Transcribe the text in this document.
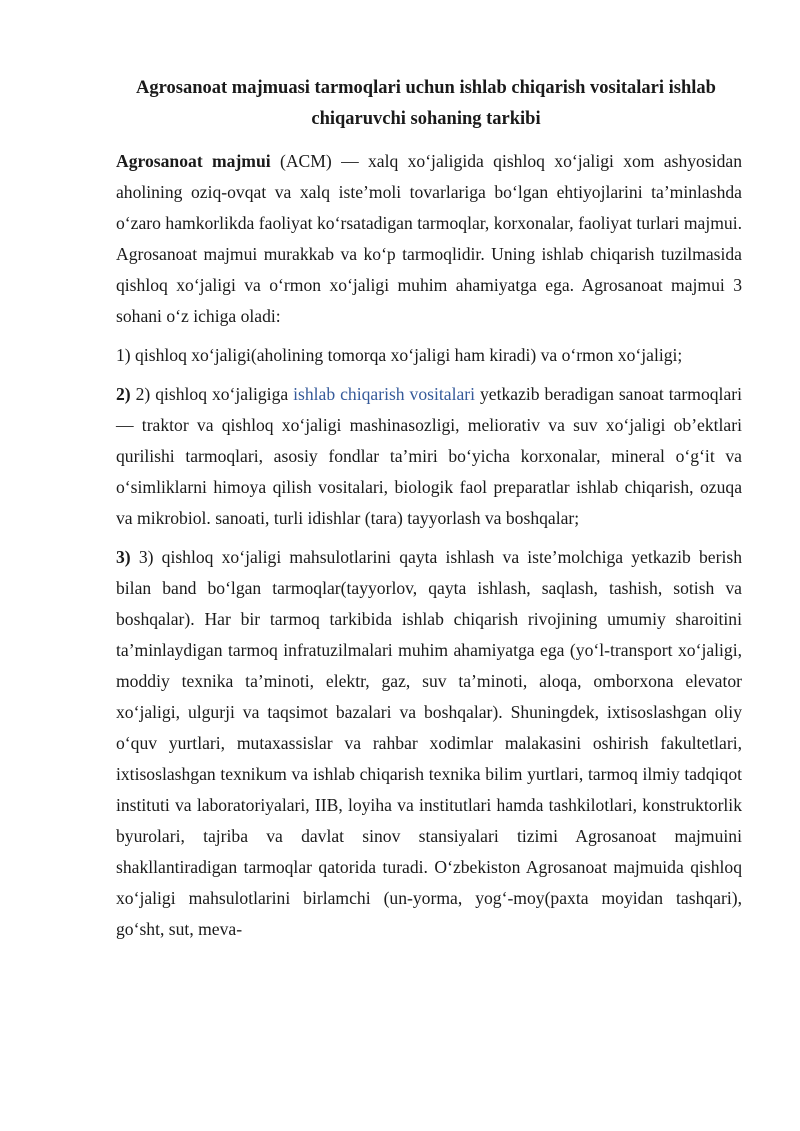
Agrosanoat majmuasi tarmoqlari uchun ishlab chiqarish vositalari ishlab chiqaruvchi sohaning tarkibi

Agrosanoat majmui (ACM) — xalq xo‘jaligida qishloq xo‘jaligi xom ashyosidan aholining oziq-ovqat va xalq iste’moli tovarlariga bo‘lgan ehtiyojlarini ta’minlashda o‘zaro hamkorlikda faoliyat ko‘rsatadigan tarmoqlar, korxonalar, faoliyat turlari majmui. Agrosanoat majmui murakkab va ko‘p tarmoqlidir. Uning ishlab chiqarish tuzilmasida qishloq xo‘jaligi va o‘rmon xo‘jaligi muhim ahamiyatga ega. Agrosanoat majmui 3 sohani o‘z ichiga oladi:

1) qishloq xo‘jaligi(aholining tomorqa xo‘jaligi ham kiradi) va o‘rmon xo‘jaligi;

2) 2) qishloq xo‘jaligiga ishlab chiqarish vositalari yetkazib beradigan sanoat tarmoqlari — traktor va qishloq xo‘jaligi mashinasozligi, meliorativ va suv xo‘jaligi ob’ektlari qurilishi tarmoqlari, asosiy fondlar ta’miri bo‘yicha korxonalar, mineral o‘g‘it va o‘simliklarni himoya qilish vositalari, biologik faol preparatlar ishlab chiqarish, ozuqa va mikrobiol. sanoati, turli idishlar (tara) tayyorlash va boshqalar;

3) 3) qishloq xo‘jaligi mahsulotlarini qayta ishlash va iste’molchiga yetkazib berish bilan band bo‘lgan tarmoqlar(tayyorlov, qayta ishlash, saqlash, tashish, sotish va boshqalar). Har bir tarmoq tarkibida ishlab chiqarish rivojining umumiy sharoitini ta’minlaydigan tarmoq infratuzilmalari muhim ahamiyatga ega (yo‘l-transport xo‘jaligi, moddiy texnika ta’minoti, elektr, gaz, suv ta’minoti, aloqa, omborxona elevator xo‘jaligi, ulgurji va taqsimot bazalari va boshqalar). Shuningdek, ixtisoslashgan oliy o‘quv yurtlari, mutaxassislar va rahbar xodimlar malakasini oshirish fakultetlari, ixtisoslashgan texnikum va ishlab chiqarish texnika bilim yurtlari, tarmoq ilmiy tadqiqot instituti va laboratoriyalari, IIB, loyiha va institutlari hamda tashkilotlari, konstruktorlik byurolari, tajriba va davlat sinov stansiyalari tizimi Agrosanoat majmuini shakllantiradigan tarmoqlar qatorida turadi. O‘zbekiston Agrosanoat majmuida qishloq xo‘jaligi mahsulotlarini birlamchi (un-yorma, yog‘-moy(paxta moyidan tashqari), go‘sht, sut, meva-
